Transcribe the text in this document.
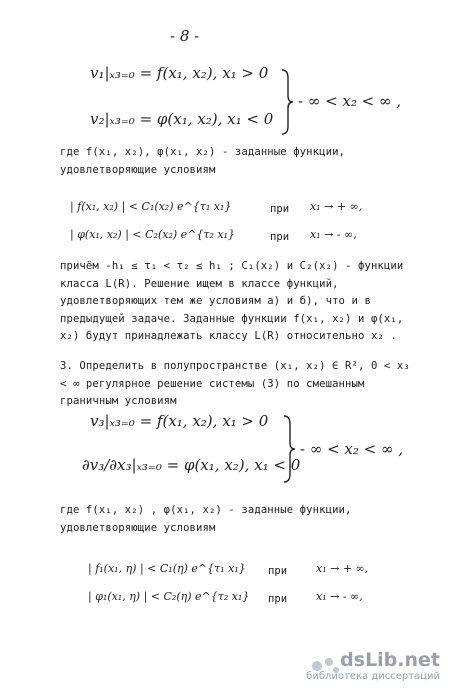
- 8 -
v₁|ₓ₃₌₀ = f(x₁, x₂), x₁ > 0
v₂|ₓ₃₌₀ = φ(x₁, x₂), x₁ < 0
- ∞ < x₂ < ∞ ,

где f(x₁, x₂), φ(x₁, x₂) - заданные функции, удовлетворяющие условиям

| f(x₁, x₂) | < C₁(x₂) e^{τ₁ x₁}	при x₁ → + ∞,
| φ(x₁, x₂) | < C₂(x₂) e^{τ₂ x₁}	при x₁ → - ∞,

причём -h₁ ≤ τ₁ < τ₂ ≤ h₁ ; C₁(x₂) и C₂(x₂) - функции класса L(R). Решение ищем в классе функций, удовлетворяющих тем же условиям а) и б), что и в предыдущей задаче. Заданные функции f(x₁, x₂) и φ(x₁, x₂) будут принадлежать классу L(R) относительно x₂ .

3. Определить в полупространстве (x₁, x₂) ∈ R², 0 < x₃ < ∞ регулярное решение системы (3) по смешанным граничным условиям

v₃|ₓ₃₌₀ = f(x₁, x₂), x₁ > 0
∂v₃/∂x₃|ₓ₃₌₀ = φ(x₁, x₂), x₁ < 0
- ∞ < x₂ < ∞ ,

где f(x₁, x₂) , φ(x₁, x₂) - заданные функции, удовлетворяющие условиям

| f₁(x₁, η) | < C₁(η) e^{τ₁ x₁} при	x₁ → + ∞,
| φ₁(x₁, η) | < C₂(η) e^{τ₂ x₁} при	x₁ → - ∞,
dsLib.net
библиотека диссертаций
